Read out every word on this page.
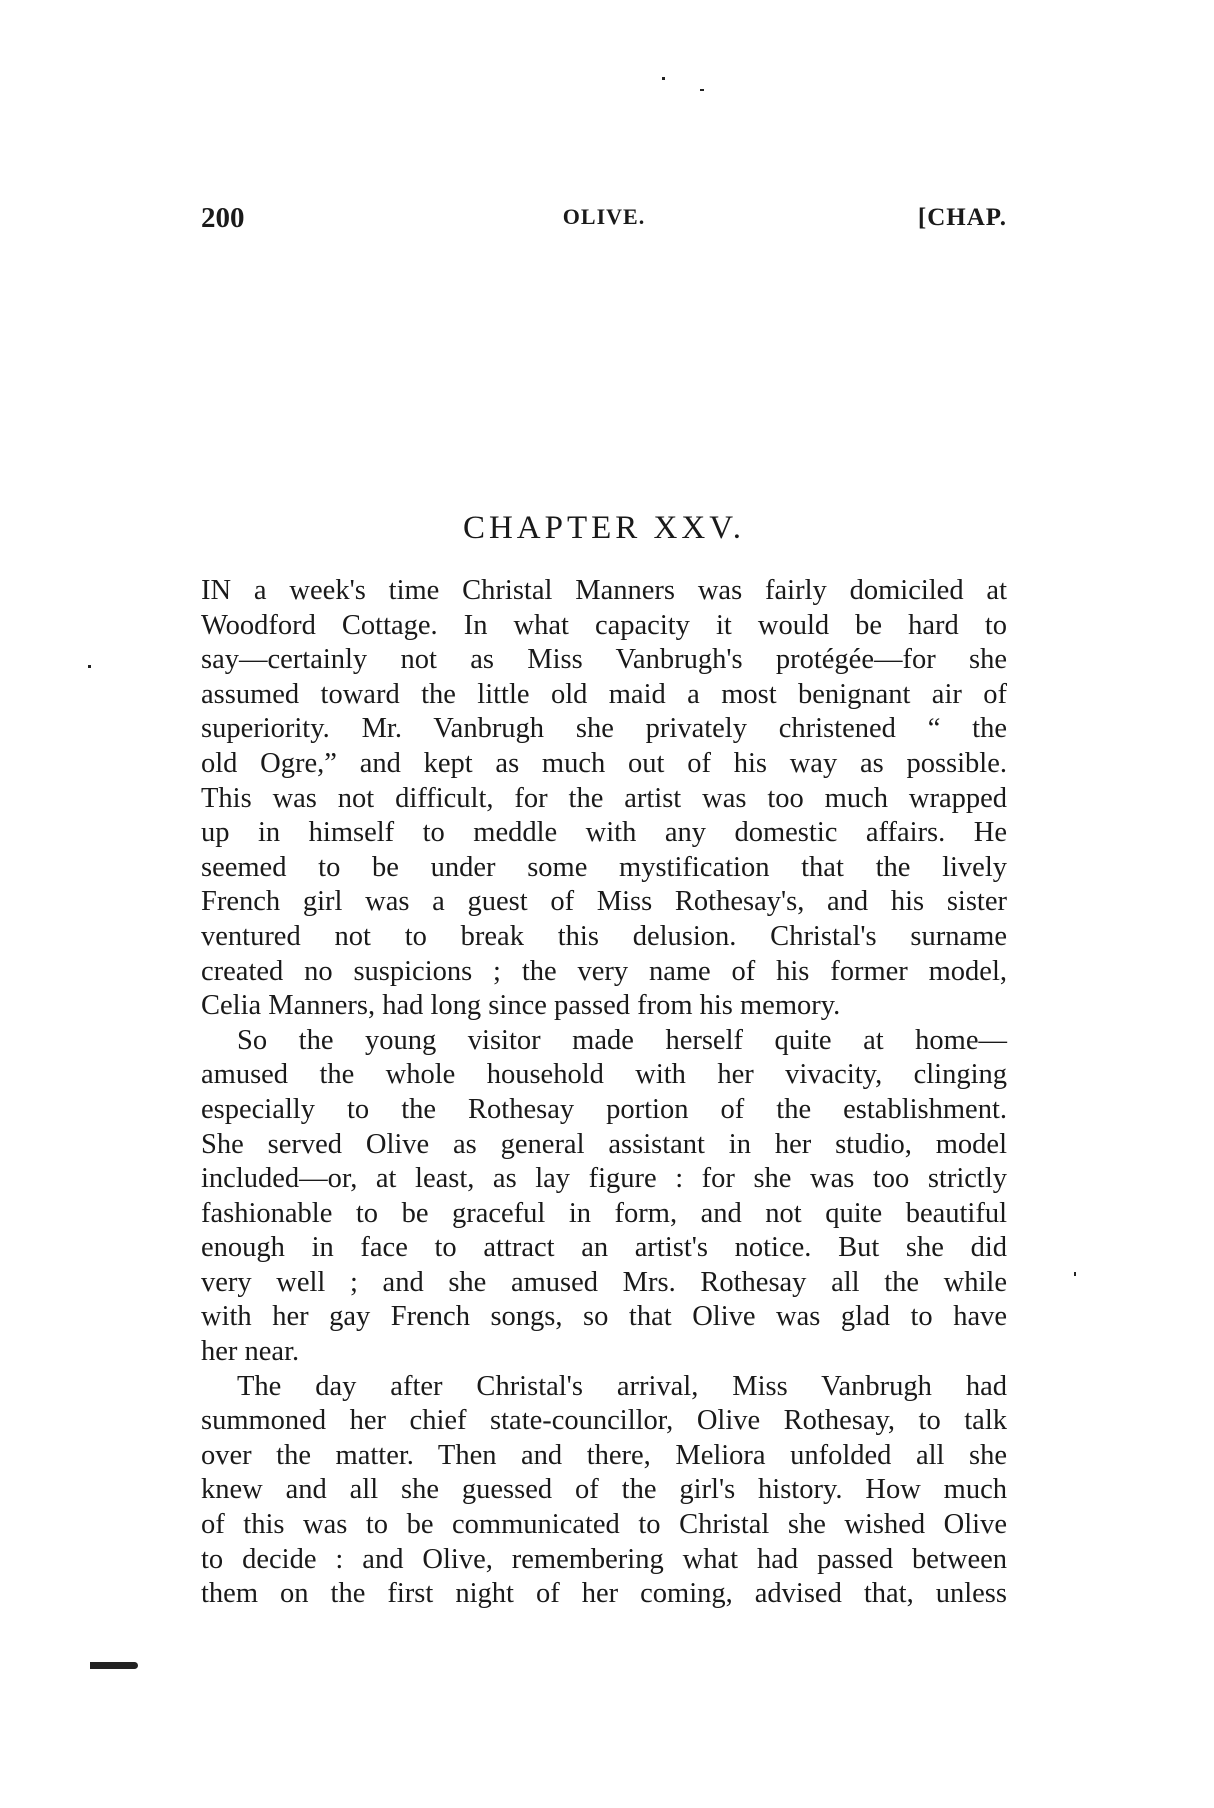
200	OLIVE.	[CHAP.
CHAPTER XXV.
IN a week's time Christal Manners was fairly domiciled at
Woodford Cottage. In what capacity it would be hard to
say—certainly not as Miss Vanbrugh's protégée—for she
assumed toward the little old maid a most benignant air of
superiority. Mr. Vanbrugh she privately christened “ the
old Ogre,” and kept as much out of his way as possible.
This was not difficult, for the artist was too much wrapped
up in himself to meddle with any domestic affairs. He
seemed to be under some mystification that the lively
French girl was a guest of Miss Rothesay's, and his sister
ventured not to break this delusion. Christal's surname
created no suspicions ; the very name of his former model,
Celia Manners, had long since passed from his memory.
So the young visitor made herself quite at home—
amused the whole household with her vivacity, clinging
especially to the Rothesay portion of the establishment.
She served Olive as general assistant in her studio, model
included—or, at least, as lay figure : for she was too strictly
fashionable to be graceful in form, and not quite beautiful
enough in face to attract an artist's notice. But she did
very well ; and she amused Mrs. Rothesay all the while
with her gay French songs, so that Olive was glad to have
her near.
The day after Christal's arrival, Miss Vanbrugh had
summoned her chief state-councillor, Olive Rothesay, to talk
over the matter. Then and there, Meliora unfolded all she
knew and all she guessed of the girl's history. How much
of this was to be communicated to Christal she wished Olive
to decide : and Olive, remembering what had passed between
them on the first night of her coming, advised that, unless
